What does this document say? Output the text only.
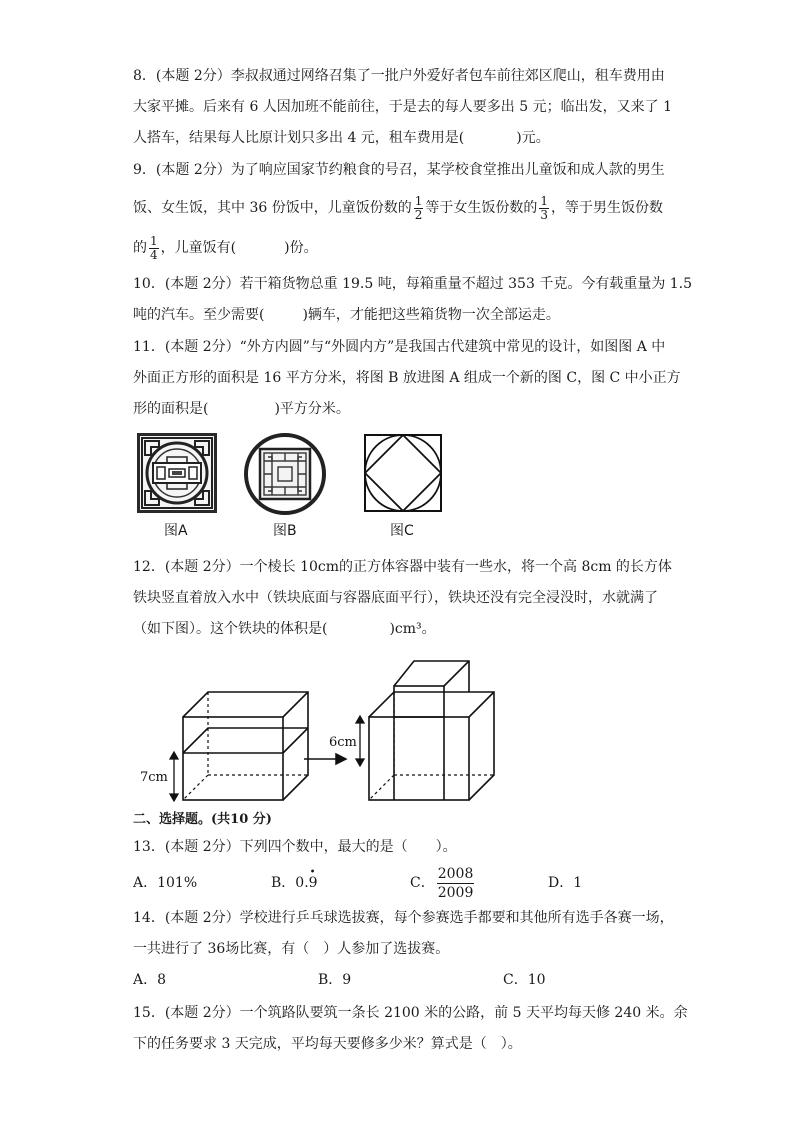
8．(本题 2分）李叔叔通过网络召集了一批户外爱好者包车前往郊区爬山，租车费用由
大家平摊。后来有 6 人因加班不能前往，于是去的每人要多出 5 元；临出发，又来了 1
人搭车，结果每人比原计划只多出 4 元，租车费用是(	)元。
9．(本题 2分）为了响应国家节约粮食的号召，某学校食堂推出儿童饭和成人款的男生
饭、女生饭，其中 36 份饭中，儿童饭份数的 $\frac{1}{2}$ 等于女生饭份数的 $\frac{1}{3}$ ，等于男生饭份数
的 $\frac{1}{4}$ ，儿童饭有(	)份。
10．(本题 2分）若干箱货物总重 19.5 吨，每箱重量不超过 353 千克。今有载重量为 1.5
吨的汽车。至少需要(	)辆车，才能把这些箱货物一次全部运走。
11．(本题 2分）“外方内圆”与“外圆内方”是我国古代建筑中常见的设计，如图图 A 中
外面正方形的面积是 16 平方分米，将图 B 放进图 A 组成一个新的图 C，图 C 中小正方
形的面积是(	)平方分米。
图A	图B	图C
12．(本题 2分）一个棱长 10cm的正方体容器中装有一些水，将一个高 8cm 的长方体
铁块竖直着放入水中（铁块底面与容器底面平行），铁块还没有完全浸没时，水就满了
（如下图）。这个铁块的体积是(	)cm³。
7cm
6cm
二、选择题。(共10 分)
13．(本题 2分）下列四个数中，最大的是（　　）。
A．101%	B．0.• 9	C． $\frac{2008}{2009}$	D．1
14．(本题 2分）学校进行乒乓球选拔赛，每个参赛选手都要和其他所有选手各赛一场，
一共进行了 36场比赛，有（　）人参加了选拔赛。
A．8	B．9	C．10
15．(本题 2分）一个筑路队要筑一条长 2100 米的公路，前 5 天平均每天修 240 米。余
下的任务要求 3 天完成，平均每天要修多少米？算式是（　）。
